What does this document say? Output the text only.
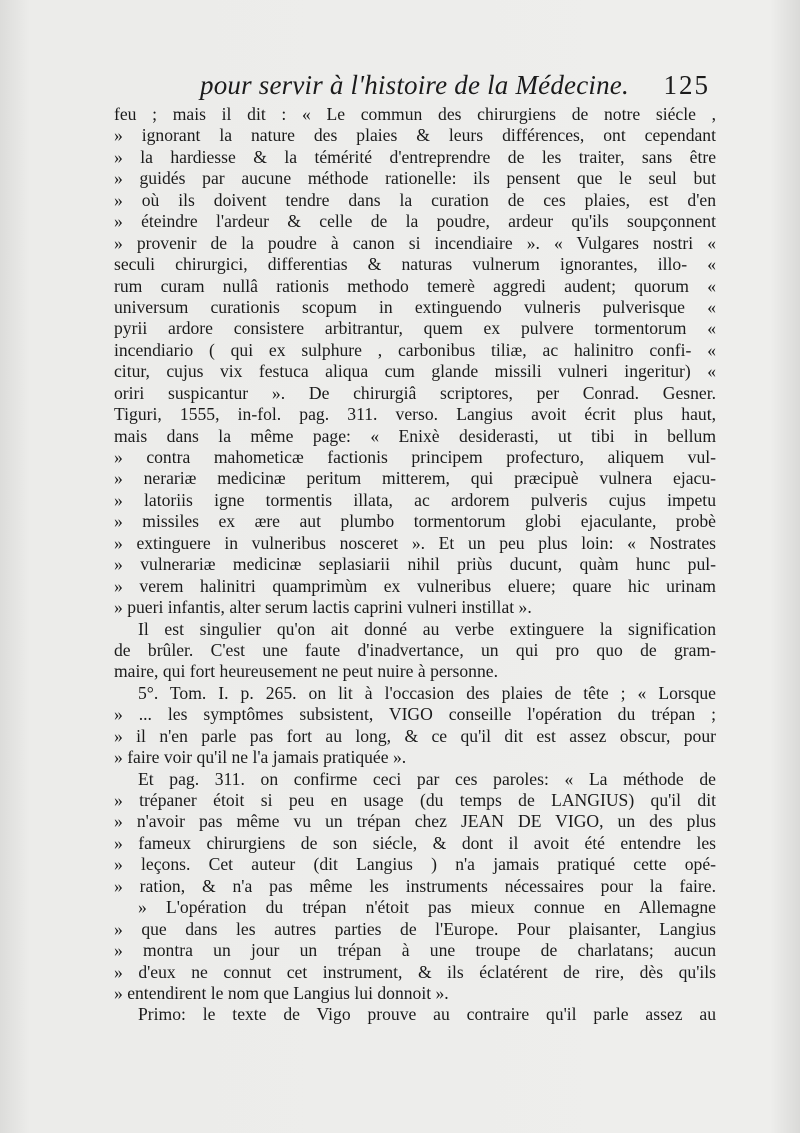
pour servir à l'histoire de la Médecine. 125
feu ; mais il dit : « Le commun des chirurgiens de notre siécle ,
» ignorant la nature des plaies & leurs différences, ont cependant
» la hardiesse & la témérité d'entreprendre de les traiter, sans être
» guidés par aucune méthode rationelle: ils pensent que le seul but
» où ils doivent tendre dans la curation de ces plaies, est d'en
» éteindre l'ardeur & celle de la poudre, ardeur qu'ils soupçonnent
» provenir de la poudre à canon si incendiaire ». « Vulgares nostri «
seculi chirurgici, differentias & naturas vulnerum ignorantes, illo- «
rum curam nullâ rationis methodo temerè aggredi audent; quorum «
universum curationis scopum in extinguendo vulneris pulverisque «
pyrii ardore consistere arbitrantur, quem ex pulvere tormentorum «
incendiario ( qui ex sulphure , carbonibus tiliæ, ac halinitro confi- «
citur, cujus vix festuca aliqua cum glande missili vulneri ingeritur) «
oriri suspicantur ». De chirurgiâ scriptores, per Conrad. Gesner.
Tiguri, 1555, in-fol. pag. 311. verso. Langius avoit écrit plus haut,
mais dans la même page: « Enixè desiderasti, ut tibi in bellum
» contra mahometicæ factionis principem profecturo, aliquem vul-
» nerariæ medicinæ peritum mitterem, qui præcipuè vulnera ejacu-
» latoriis igne tormentis illata, ac ardorem pulveris cujus impetu
» missiles ex ære aut plumbo tormentorum globi ejaculante, probè
» extinguere in vulneribus nosceret ». Et un peu plus loin: « Nostrates
» vulnerariæ medicinæ seplasiarii nihil priùs ducunt, quàm hunc pul-
» verem halinitri quamprimùm ex vulneribus eluere; quare hic urinam
» pueri infantis, alter serum lactis caprini vulneri instillat ».
Il est singulier qu'on ait donné au verbe extinguere la signification
de brûler. C'est une faute d'inadvertance, un qui pro quo de gram-
maire, qui fort heureusement ne peut nuire à personne.
5°. Tom. I. p. 265. on lit à l'occasion des plaies de tête ; « Lorsque
» ... les symptômes subsistent, VIGO conseille l'opération du trépan ;
» il n'en parle pas fort au long, & ce qu'il dit est assez obscur, pour
» faire voir qu'il ne l'a jamais pratiquée ».
Et pag. 311. on confirme ceci par ces paroles: « La méthode de
» trépaner étoit si peu en usage (du temps de LANGIUS) qu'il dit
» n'avoir pas même vu un trépan chez JEAN DE VIGO, un des plus
» fameux chirurgiens de son siécle, & dont il avoit été entendre les
» leçons. Cet auteur (dit Langius ) n'a jamais pratiqué cette opé-
» ration, & n'a pas même les instruments nécessaires pour la faire.
» L'opération du trépan n'étoit pas mieux connue en Allemagne
» que dans les autres parties de l'Europe. Pour plaisanter, Langius
» montra un jour un trépan à une troupe de charlatans; aucun
» d'eux ne connut cet instrument, & ils éclatérent de rire, dès qu'ils
» entendirent le nom que Langius lui donnoit ».
Primo: le texte de Vigo prouve au contraire qu'il parle assez au
